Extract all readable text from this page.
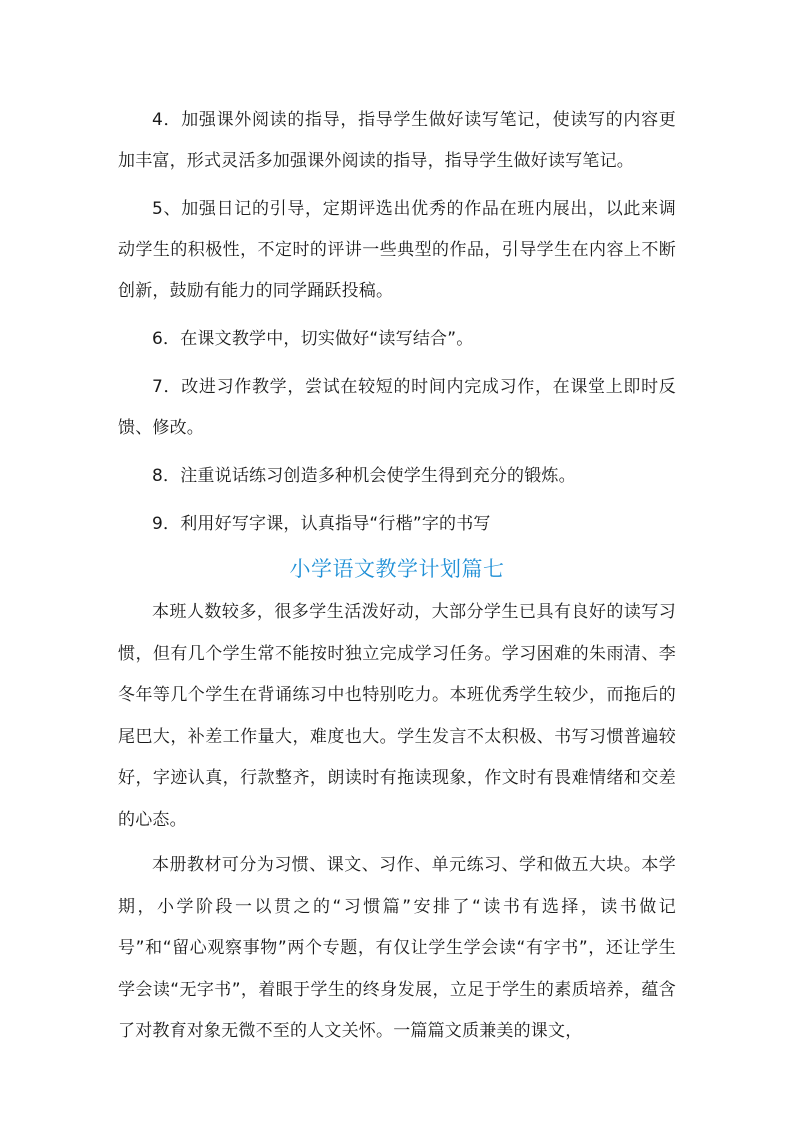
4．加强课外阅读的指导，指导学生做好读写笔记，使读写的内容更加丰富，形式灵活多加强课外阅读的指导，指导学生做好读写笔记。

5、加强日记的引导，定期评选出优秀的作品在班内展出，以此来调动学生的积极性，不定时的评讲一些典型的作品，引导学生在内容上不断创新，鼓励有能力的同学踊跃投稿。

6．在课文教学中，切实做好“读写结合”。

7．改进习作教学，尝试在较短的时间内完成习作，在课堂上即时反馈、修改。

8．注重说话练习创造多种机会使学生得到充分的锻炼。

9．利用好写字课，认真指导“行楷”字的书写

小学语文教学计划篇七

本班人数较多，很多学生活泼好动，大部分学生已具有良好的读写习惯，但有几个学生常不能按时独立完成学习任务。学习困难的朱雨清、李冬年等几个学生在背诵练习中也特别吃力。本班优秀学生较少，而拖后的尾巴大，补差工作量大，难度也大。学生发言不太积极、书写习惯普遍较好，字迹认真，行款整齐，朗读时有拖读现象，作文时有畏难情绪和交差的心态。

本册教材可分为习惯、课文、习作、单元练习、学和做五大块。本学期，小学阶段一以贯之的“习惯篇”安排了“读书有选择，读书做记号”和“留心观察事物”两个专题，有仅让学生学会读“有字书”，还让学生学会读“无字书”，着眼于学生的终身发展，立足于学生的素质培养，蕴含了对教育对象无微不至的人文关怀。一篇篇文质兼美的课文，
